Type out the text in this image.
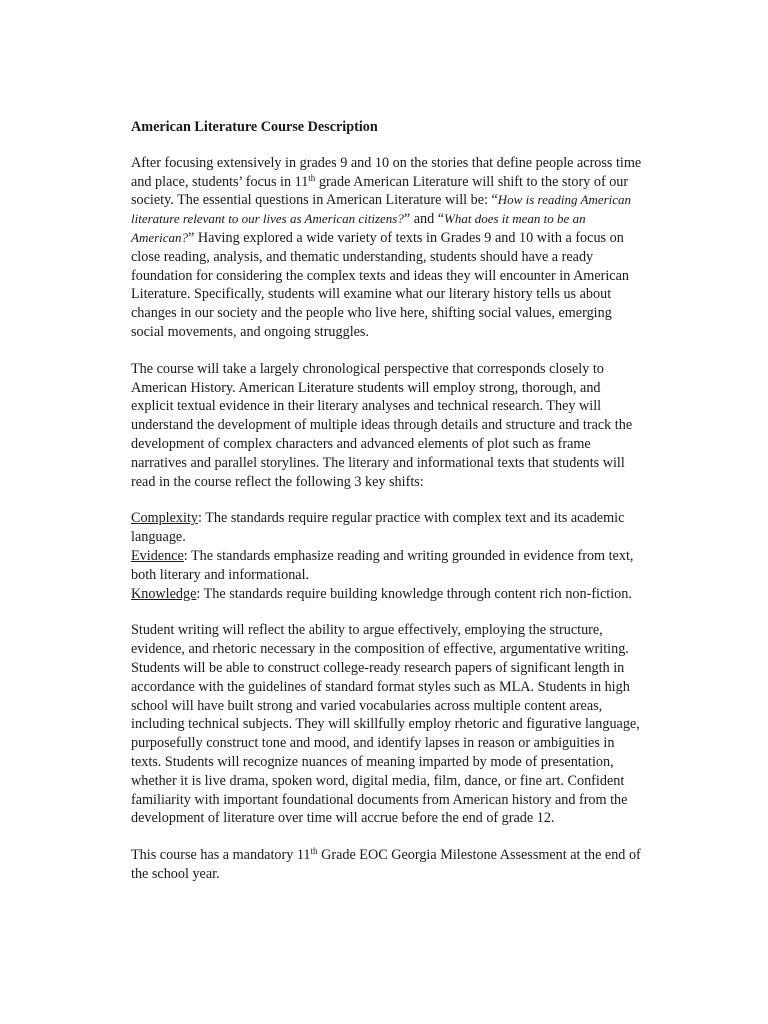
American Literature Course Description

After focusing extensively in grades 9 and 10 on the stories that define people across time and place, students’ focus in 11th grade American Literature will shift to the story of our society. The essential questions in American Literature will be: “How is reading American literature relevant to our lives as American citizens?” and “What does it mean to be an American?” Having explored a wide variety of texts in Grades 9 and 10 with a focus on close reading, analysis, and thematic understanding, students should have a ready foundation for considering the complex texts and ideas they will encounter in American Literature. Specifically, students will examine what our literary history tells us about changes in our society and the people who live here, shifting social values, emerging social movements, and ongoing struggles.

The course will take a largely chronological perspective that corresponds closely to American History. American Literature students will employ strong, thorough, and explicit textual evidence in their literary analyses and technical research. They will understand the development of multiple ideas through details and structure and track the development of complex characters and advanced elements of plot such as frame narratives and parallel storylines. The literary and informational texts that students will read in the course reflect the following 3 key shifts:

Complexity: The standards require regular practice with complex text and its academic language.
Evidence: The standards emphasize reading and writing grounded in evidence from text, both literary and informational.
Knowledge: The standards require building knowledge through content rich non-fiction.

Student writing will reflect the ability to argue effectively, employing the structure, evidence, and rhetoric necessary in the composition of effective, argumentative writing. Students will be able to construct college-ready research papers of significant length in accordance with the guidelines of standard format styles such as MLA. Students in high school will have built strong and varied vocabularies across multiple content areas, including technical subjects. They will skillfully employ rhetoric and figurative language, purposefully construct tone and mood, and identify lapses in reason or ambiguities in texts. Students will recognize nuances of meaning imparted by mode of presentation, whether it is live drama, spoken word, digital media, film, dance, or fine art. Confident familiarity with important foundational documents from American history and from the development of literature over time will accrue before the end of grade 12.

This course has a mandatory 11th Grade EOC Georgia Milestone Assessment at the end of the school year.
